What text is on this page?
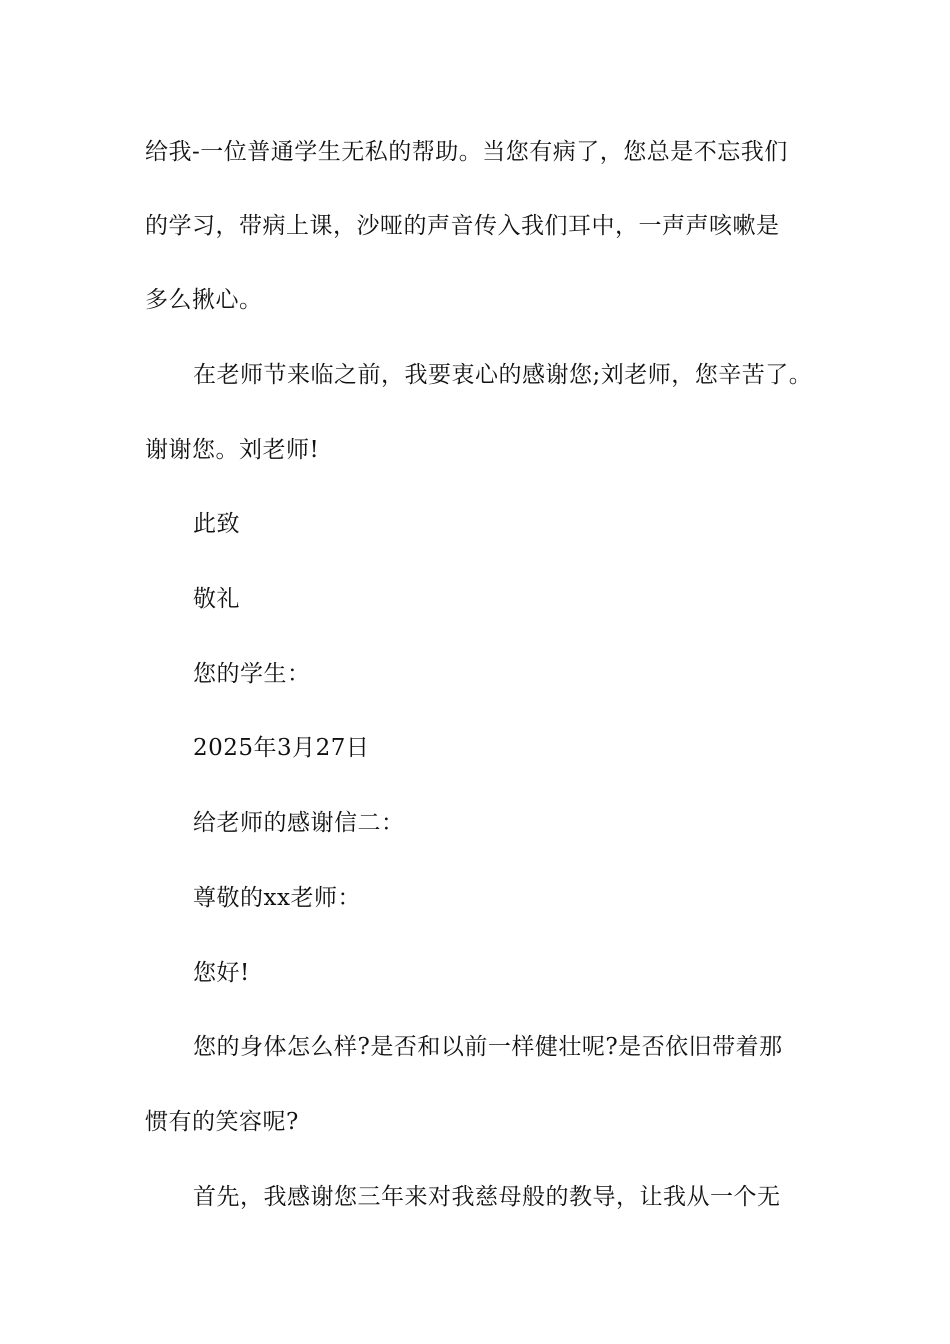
给我-一位普通学生无私的帮助。当您有病了，您总是不忘我们
的学习，带病上课，沙哑的声音传入我们耳中，一声声咳嗽是
多么揪心。
在老师节来临之前，我要衷心的感谢您;刘老师，您辛苦了。
谢谢您。刘老师!
此致
敬礼
您的学生：
2025年3月27日
给老师的感谢信二：
尊敬的xx老师：
您好!
您的身体怎么样?是否和以前一样健壮呢?是否依旧带着那
惯有的笑容呢?
首先，我感谢您三年来对我慈母般的教导，让我从一个无
